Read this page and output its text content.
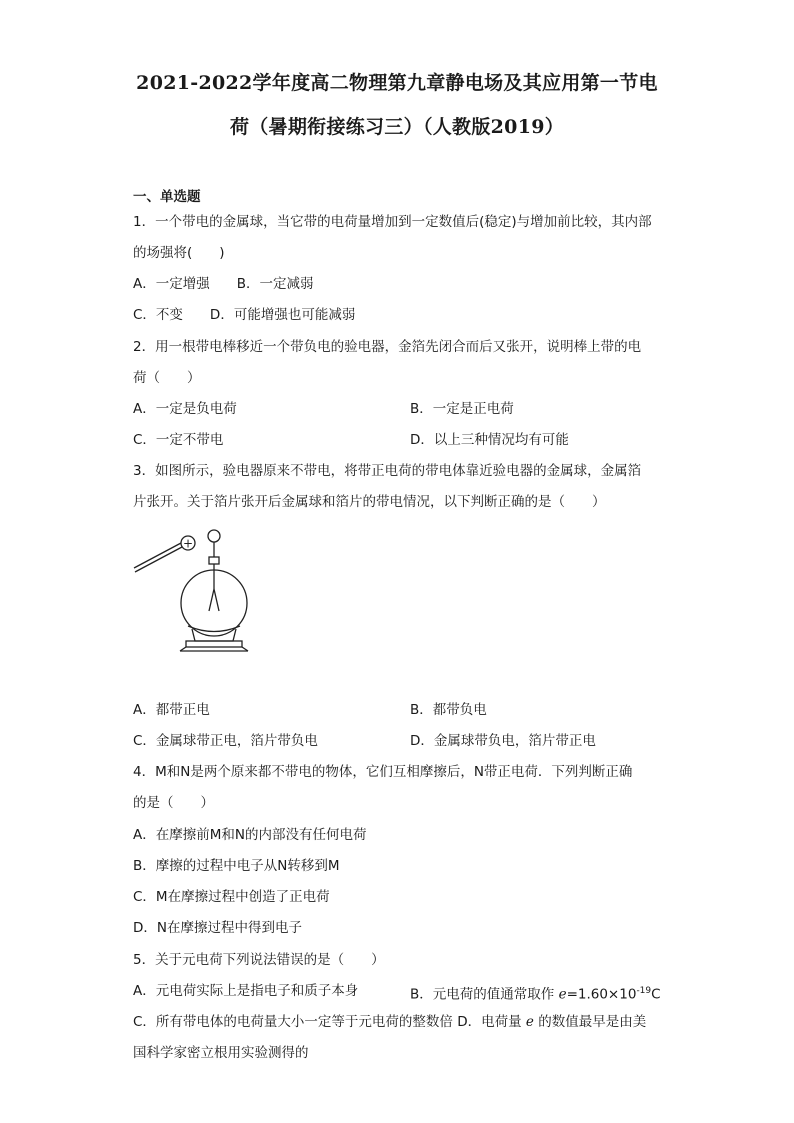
2021-2022学年度高二物理第九章静电场及其应用第一节电
荷（暑期衔接练习三）（人教版2019）
一、单选题
1．一个带电的金属球，当它带的电荷量增加到一定数值后(稳定)与增加前比较，其内部
的场强将(　　)
A．一定增强　　B．一定减弱
C．不变　　D．可能增强也可能减弱
2．用一根带电棒移近一个带负电的验电器，金箔先闭合而后又张开，说明棒上带的电
荷（　　）
A．一定是负电荷	B．一定是正电荷
C．一定不带电	D．以上三种情况均有可能
3．如图所示，验电器原来不带电，将带正电荷的带电体靠近验电器的金属球，金属箔
片张开。关于箔片张开后金属球和箔片的带电情况，以下判断正确的是（　　）
+
A．都带正电	B．都带负电
C．金属球带正电，箔片带负电	D．金属球带负电，箔片带正电
4．M和N是两个原来都不带电的物体，它们互相摩擦后，N带正电荷．下列判断正确
的是（　　）
A．在摩擦前M和N的内部没有任何电荷
B．摩擦的过程中电子从N转移到M
C．M在摩擦过程中创造了正电荷
D．N在摩擦过程中得到电子
5．关于元电荷下列说法错误的是（　　）
A．元电荷实际上是指电子和质子本身	B．元电荷的值通常取作 $e=1.60\times 10^{-19}C$
C．所有带电体的电荷量大小一定等于元电荷的整数倍 D．电荷量 e 的数值最早是由美
国科学家密立根用实验测得的
